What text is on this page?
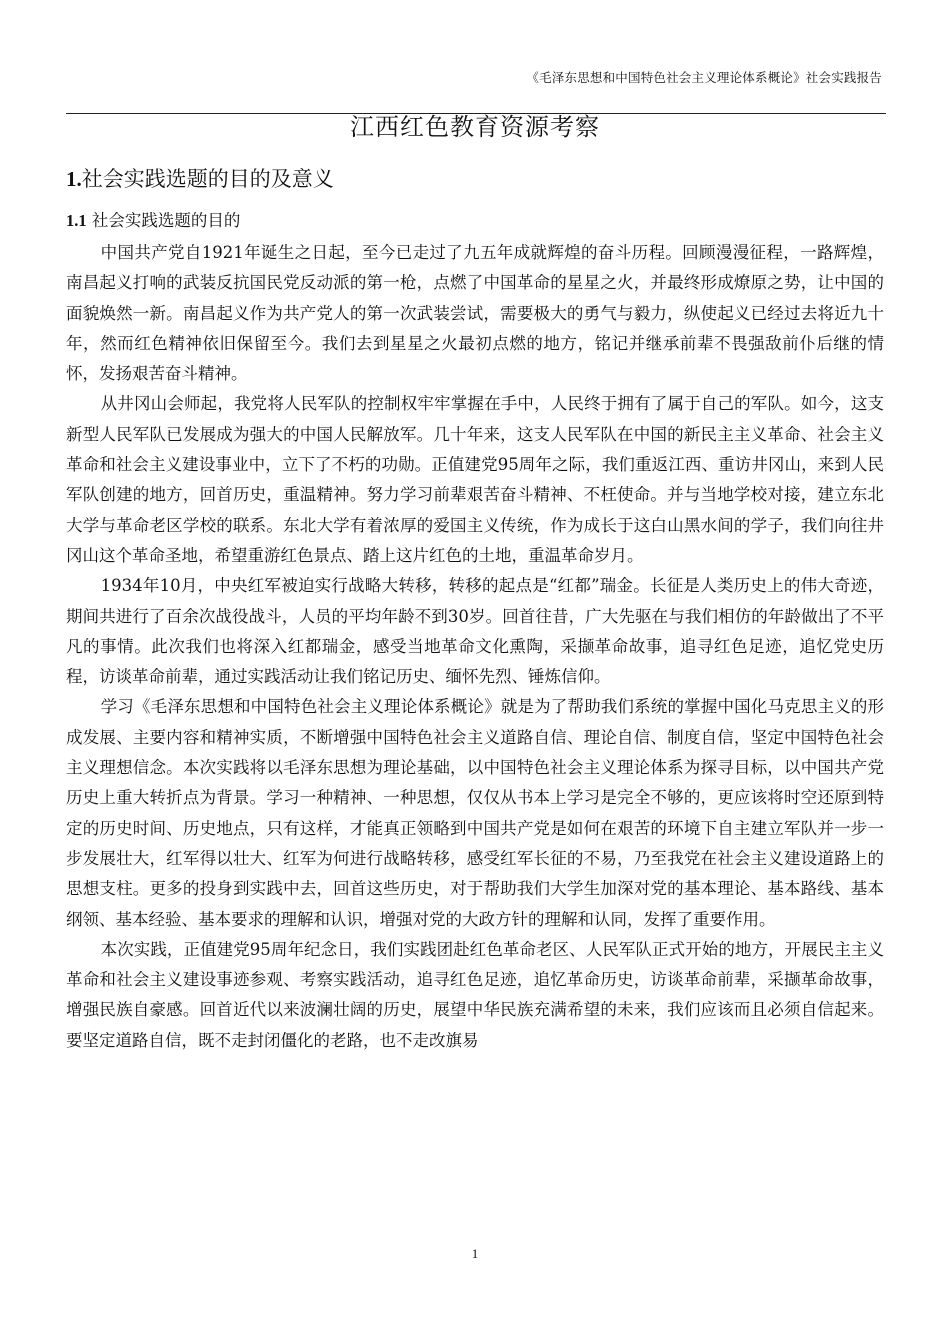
《毛泽东思想和中国特色社会主义理论体系概论》社会实践报告
江西红色教育资源考察
1.社会实践选题的目的及意义
1.1 社会实践选题的目的

中国共产党自1921年诞生之日起，至今已走过了九五年成就辉煌的奋斗历程。回顾漫漫征程，一路辉煌，南昌起义打响的武装反抗国民党反动派的第一枪，点燃了中国革命的星星之火，并最终形成燎原之势，让中国的面貌焕然一新。南昌起义作为共产党人的第一次武装尝试，需要极大的勇气与毅力，纵使起义已经过去将近九十年，然而红色精神依旧保留至今。我们去到星星之火最初点燃的地方，铭记并继承前辈不畏强敌前仆后继的情怀，发扬艰苦奋斗精神。

从井冈山会师起，我党将人民军队的控制权牢牢掌握在手中，人民终于拥有了属于自己的军队。如今，这支新型人民军队已发展成为强大的中国人民解放军。几十年来，这支人民军队在中国的新民主主义革命、社会主义革命和社会主义建设事业中，立下了不朽的功勋。正值建党95周年之际，我们重返江西、重访井冈山，来到人民军队创建的地方，回首历史，重温精神。努力学习前辈艰苦奋斗精神、不枉使命。并与当地学校对接，建立东北大学与革命老区学校的联系。东北大学有着浓厚的爱国主义传统，作为成长于这白山黑水间的学子，我们向往井冈山这个革命圣地，希望重游红色景点、踏上这片红色的土地，重温革命岁月。

1934年10月，中央红军被迫实行战略大转移，转移的起点是“红都”瑞金。长征是人类历史上的伟大奇迹，期间共进行了百余次战役战斗，人员的平均年龄不到30岁。回首往昔，广大先驱在与我们相仿的年龄做出了不平凡的事情。此次我们也将深入红都瑞金，感受当地革命文化熏陶，采撷革命故事，追寻红色足迹，追忆党史历程，访谈革命前辈，通过实践活动让我们铭记历史、缅怀先烈、锤炼信仰。

学习《毛泽东思想和中国特色社会主义理论体系概论》就是为了帮助我们系统的掌握中国化马克思主义的形成发展、主要内容和精神实质，不断增强中国特色社会主义道路自信、理论自信、制度自信，坚定中国特色社会主义理想信念。本次实践将以毛泽东思想为理论基础，以中国特色社会主义理论体系为探寻目标，以中国共产党历史上重大转折点为背景。学习一种精神、一种思想，仅仅从书本上学习是完全不够的，更应该将时空还原到特定的历史时间、历史地点，只有这样，才能真正领略到中国共产党是如何在艰苦的环境下自主建立军队并一步一步发展壮大，红军得以壮大、红军为何进行战略转移，感受红军长征的不易，乃至我党在社会主义建设道路上的思想支柱。更多的投身到实践中去，回首这些历史，对于帮助我们大学生加深对党的基本理论、基本路线、基本纲领、基本经验、基本要求的理解和认识，增强对党的大政方针的理解和认同，发挥了重要作用。

本次实践，正值建党95周年纪念日，我们实践团赴红色革命老区、人民军队正式开始的地方，开展民主主义革命和社会主义建设事迹参观、考察实践活动，追寻红色足迹，追忆革命历史，访谈革命前辈，采撷革命故事，增强民族自豪感。回首近代以来波澜壮阔的历史，展望中华民族充满希望的未来，我们应该而且必须自信起来。要坚定道路自信，既不走封闭僵化的老路，也不走改旗易

1
